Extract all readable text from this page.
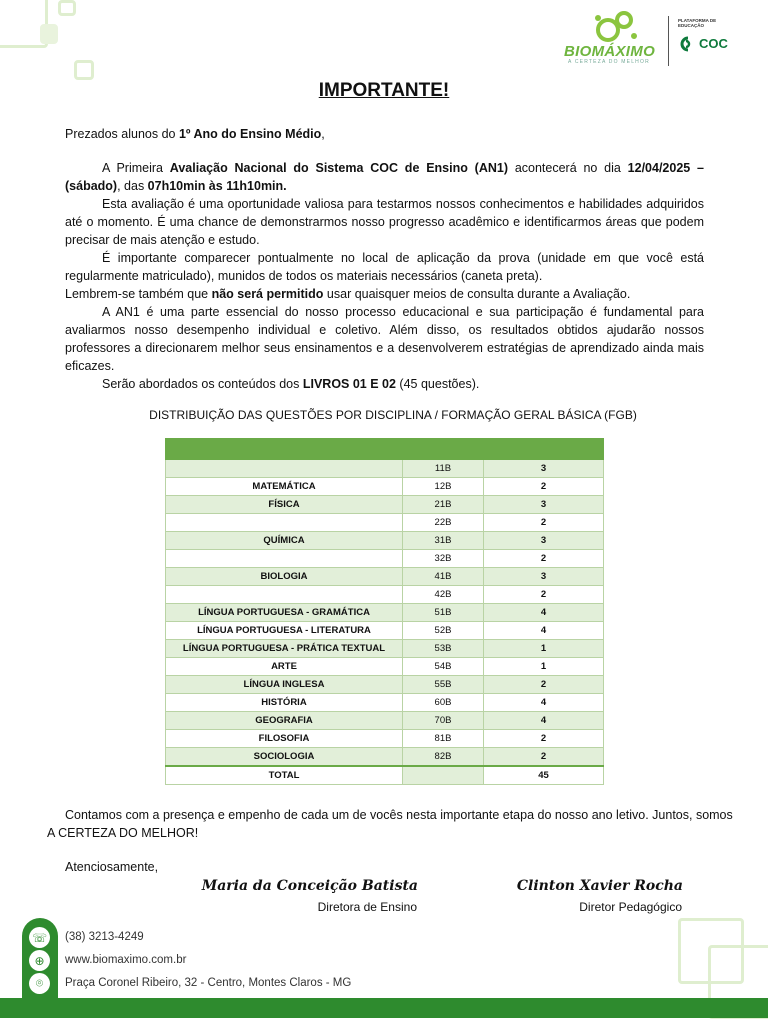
BIOMÁXIMO
A CERTEZA DO MELHOR
PLATAFORMA DE EDUCAÇÃO
COC
IMPORTANTE!
Prezados alunos do 1º Ano do Ensino Médio,
A Primeira Avaliação Nacional do Sistema COC de Ensino (AN1) acontecerá no dia 12/04/2025 – (sábado), das 07h10min às 11h10min.
Esta avaliação é uma oportunidade valiosa para testarmos nossos conhecimentos e habilidades adquiridos até o momento. É uma chance de demonstrarmos nosso progresso acadêmico e identificarmos áreas que podem precisar de mais atenção e estudo.
É importante comparecer pontualmente no local de aplicação da prova (unidade em que você está regularmente matriculado), munidos de todos os materiais necessários (caneta preta).
Lembrem-se também que não será permitido usar quaisquer meios de consulta durante a Avaliação.
A AN1 é uma parte essencial do nosso processo educacional e sua participação é fundamental para avaliarmos nosso desempenho individual e coletivo. Além disso, os resultados obtidos ajudarão nossos professores a direcionarem melhor seus ensinamentos e a desenvolverem estratégias de aprendizado ainda mais eficazes.
Serão abordados os conteúdos dos LIVROS 01 E 02 (45 questões).
DISTRIBUIÇÃO DAS QUESTÕES POR DISCIPLINA / FORMAÇÃO GERAL BÁSICA (FGB)

	11B	3
MATEMÁTICA	12B	2
FÍSICA	21B	3
	22B	2
QUÍMICA	31B	3
	32B	2
BIOLOGIA	41B	3
	42B	2
LÍNGUA PORTUGUESA - GRAMÁTICA	51B	4
LÍNGUA PORTUGUESA - LITERATURA	52B	4
LÍNGUA PORTUGUESA - PRÁTICA TEXTUAL	53B	1
ARTE	54B	1
LÍNGUA INGLESA	55B	2
HISTÓRIA	60B	4
GEOGRAFIA	70B	4
FILOSOFIA	81B	2
SOCIOLOGIA	82B	2
TOTAL		45
Contamos com a presença e empenho de cada um de vocês nesta importante etapa do nosso ano letivo. Juntos, somos A CERTEZA DO MELHOR!
Atenciosamente,
Maria da Conceição Batista
Diretora de Ensino
Clinton Xavier Rocha
Diretor Pedagógico
☏
⊕
⌾
(38) 3213-4249
www.biomaximo.com.br
Praça Coronel Ribeiro, 32 - Centro, Montes Claros - MG
